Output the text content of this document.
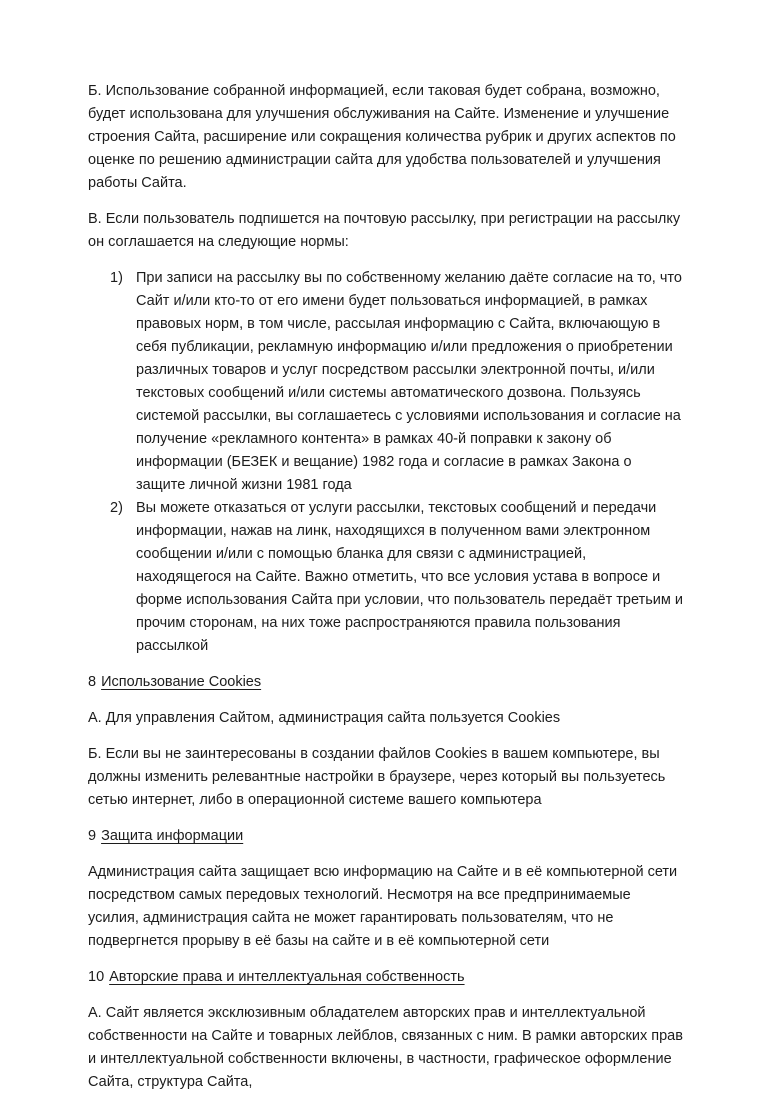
Б. Использование собранной информацией, если таковая будет собрана, возможно, будет использована для улучшения обслуживания на Сайте. Изменение и улучшение строения Сайта, расширение или сокращения количества рубрик и других аспектов по оценке по решению администрации сайта для удобства пользователей и улучшения работы Сайта.

В. Если пользователь подпишется на почтовую рассылку, при регистрации на рассылку он соглашается на следующие нормы:

1) При записи на рассылку вы по собственному желанию даёте согласие на то, что Сайт и/или кто-то от его имени будет пользоваться информацией, в рамках правовых норм, в том числе, рассылая информацию с Сайта, включающую в себя публикации, рекламную информацию и/или предложения о приобретении различных товаров и услуг посредством рассылки электронной почты, и/или текстовых сообщений и/или системы автоматического дозвона. Пользуясь системой рассылки, вы соглашаетесь с условиями использования и согласие на получение «рекламного контента» в рамках 40-й поправки к закону об информации (БЕЗЕК и вещание) 1982 года и согласие в рамках Закона о защите личной жизни 1981 года
2) Вы можете отказаться от услуги рассылки, текстовых сообщений и передачи информации, нажав на линк, находящихся в полученном вами электронном сообщении и/или с помощью бланка для связи с администрацией, находящегося на Сайте. Важно отметить, что все условия устава в вопросе и форме использования Сайта при условии, что пользователь передаёт третьим и прочим сторонам, на них тоже распространяются правила пользования рассылкой
8 Использование Cookies

А. Для управления Сайтом, администрация сайта пользуется Cookies

Б. Если вы не заинтересованы в создании файлов Cookies в вашем компьютере, вы должны изменить релевантные настройки в браузере, через который вы пользуетесь сетью интернет, либо в операционной системе вашего компьютера

9 Защита информации

Администрация сайта защищает всю информацию на Сайте и в её компьютерной сети посредством самых передовых технологий. Несмотря на все предпринимаемые усилия, администрация сайта не может гарантировать пользователям, что не подвергнется прорыву в её базы на сайте и в её компьютерной сети

10 Авторские права и интеллектуальная собственность

А. Сайт является эксклюзивным обладателем авторских прав и интеллектуальной собственности на Сайте и товарных лейблов, связанных с ним. В рамки авторских прав и интеллектуальной собственности включены, в частности, графическое оформление Сайта, структура Сайта,
